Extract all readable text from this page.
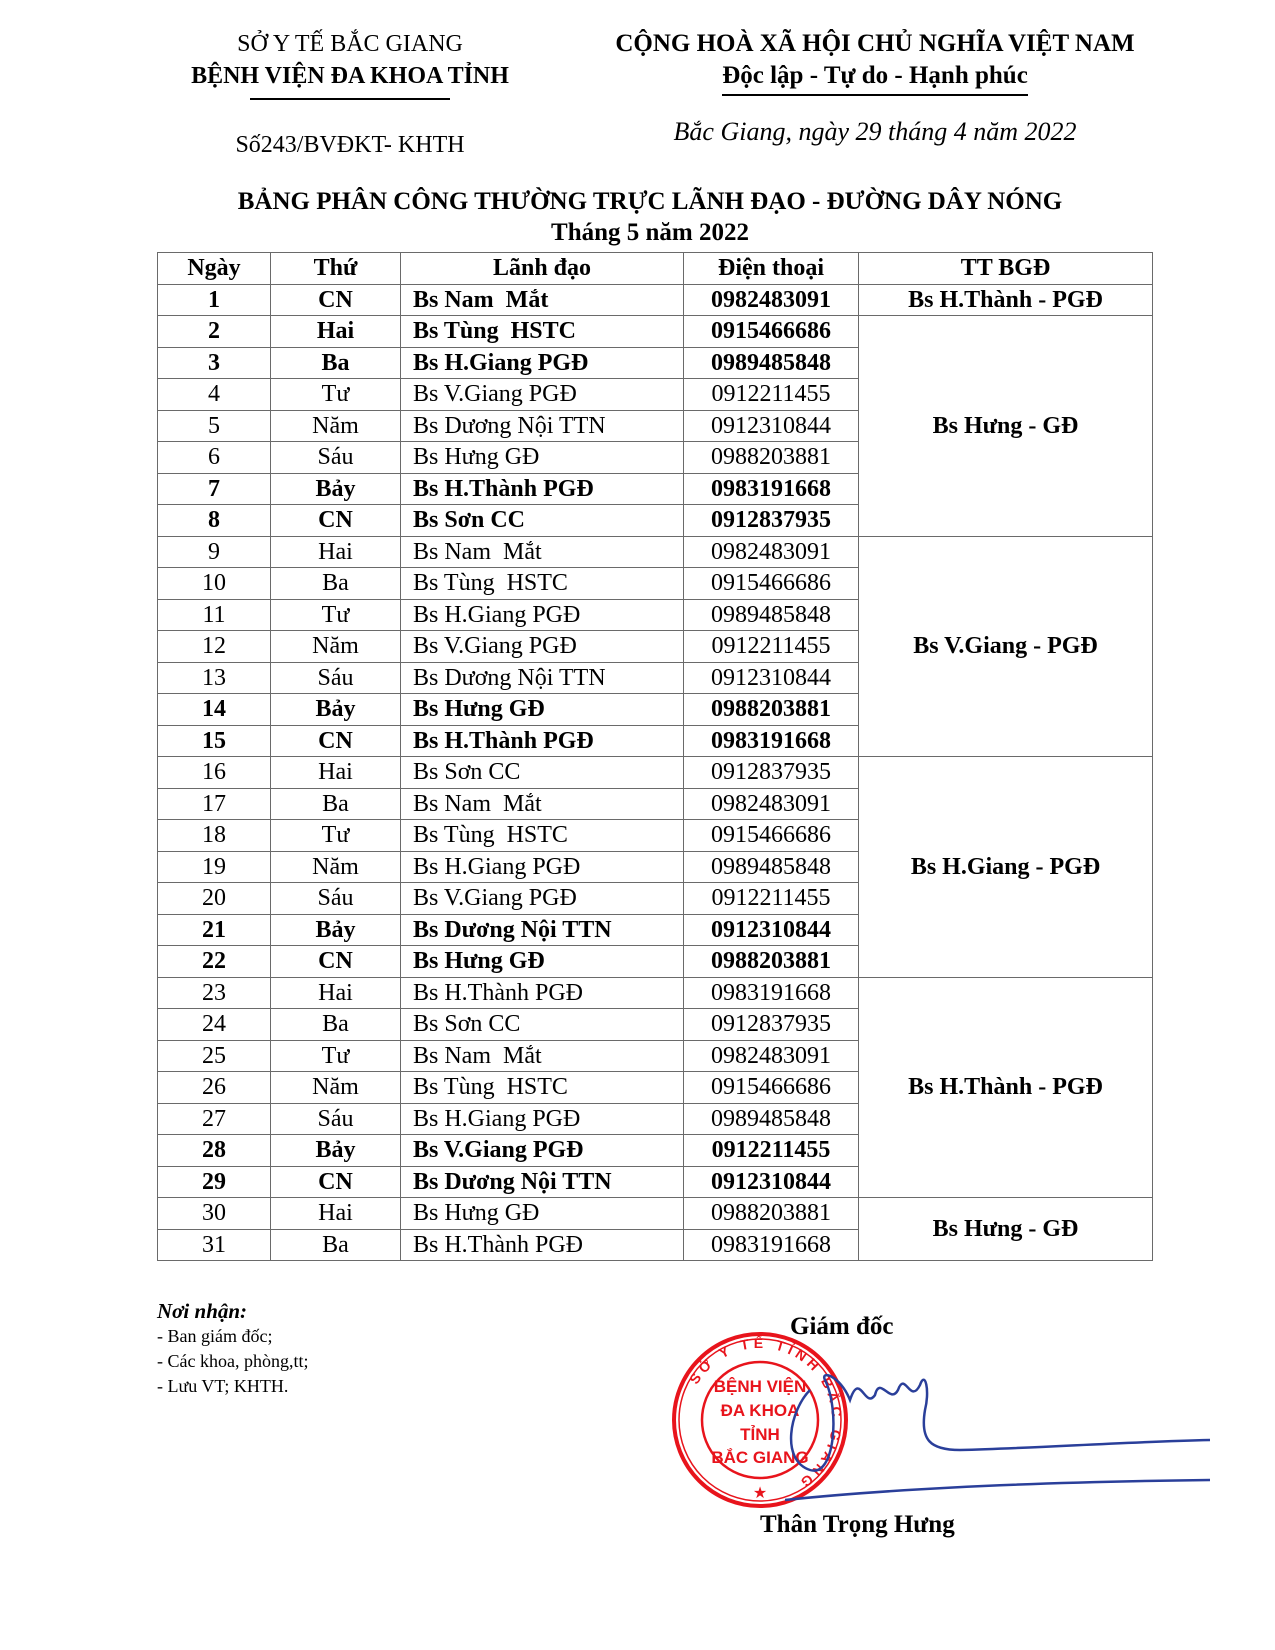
SỞ Y TẾ BẮC GIANG
BỆNH VIỆN ĐA KHOA TỈNH
Số243/BVĐKT- KHTH
CỘNG HOÀ XÃ HỘI CHỦ NGHĨA VIỆT NAM
Độc lập - Tự do - Hạnh phúc
Bắc Giang, ngày 29 tháng 4 năm 2022
BẢNG PHÂN CÔNG THƯỜNG TRỰC LÃNH ĐẠO - ĐƯỜNG DÂY NÓNG
Tháng 5 năm 2022
Ngày	Thứ	Lãnh đạo	Điện thoại	TT BGĐ
1	CN	Bs Nam  Mắt	0982483091	Bs H.Thành - PGĐ
2	Hai	Bs Tùng  HSTC	0915466686	Bs Hưng - GĐ
3	Ba	Bs H.Giang PGĐ	0989485848	
4	Tư	Bs V.Giang PGĐ	0912211455	
5	Năm	Bs Dương Nội TTN	0912310844	
6	Sáu	Bs Hưng GĐ	0988203881	
7	Bảy	Bs H.Thành PGĐ	0983191668	
8	CN	Bs Sơn CC	0912837935	
9	Hai	Bs Nam  Mắt	0982483091	Bs V.Giang - PGĐ
10	Ba	Bs Tùng  HSTC	0915466686	
11	Tư	Bs H.Giang PGĐ	0989485848	
12	Năm	Bs V.Giang PGĐ	0912211455	
13	Sáu	Bs Dương Nội TTN	0912310844	
14	Bảy	Bs Hưng GĐ	0988203881	
15	CN	Bs H.Thành PGĐ	0983191668	
16	Hai	Bs Sơn CC	0912837935	Bs H.Giang - PGĐ
17	Ba	Bs Nam  Mắt	0982483091	
18	Tư	Bs Tùng  HSTC	0915466686	
19	Năm	Bs H.Giang PGĐ	0989485848	
20	Sáu	Bs V.Giang PGĐ	0912211455	
21	Bảy	Bs Dương Nội TTN	0912310844	
22	CN	Bs Hưng GĐ	0988203881	
23	Hai	Bs H.Thành PGĐ	0983191668	Bs H.Thành - PGĐ
24	Ba	Bs Sơn CC	0912837935	
25	Tư	Bs Nam  Mắt	0982483091	
26	Năm	Bs Tùng  HSTC	0915466686	
27	Sáu	Bs H.Giang PGĐ	0989485848	
28	Bảy	Bs V.Giang PGĐ	0912211455	
29	CN	Bs Dương Nội TTN	0912310844	
30	Hai	Bs Hưng GĐ	0988203881	Bs Hưng - GĐ
31	Ba	Bs H.Thành PGĐ	0983191668	
Nơi nhận:
- Ban giám đốc;
- Các khoa, phòng,tt;
- Lưu VT; KHTH.
Giám đốc
SỞ Y TẾ TỈNH BẮC GIANG
BỆNH VIỆN
ĐA KHOA
TỈNH
BẮC GIANG
★
Thân Trọng Hưng
